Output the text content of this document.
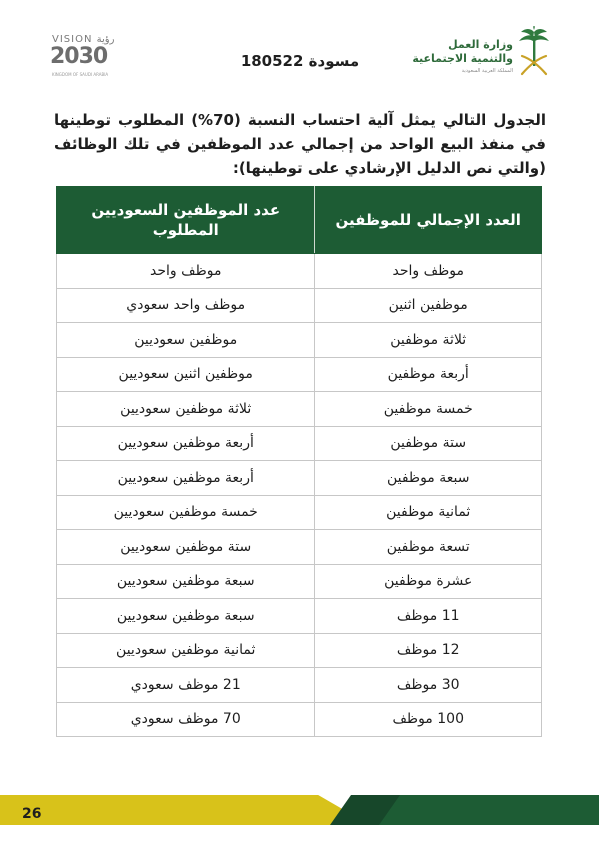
VISION رؤية
2030
KINGDOM OF SAUDI ARABIA
مسودة 180522
وزارة العمل
والتنمية الاجتماعية
المملكة العربية السعودية

الجدول التالي يمثل آلية احتساب النسبة (70%) المطلوب توطينها في منفذ البيع الواحد من إجمالي عدد الموظفين في تلك الوظائف (والتي نص الدليل الإرشادي على توطينها):

العدد الإجمالي للموظفين	عدد الموظفين السعوديين المطلوب
موظف واحد	موظف واحد
موظفين اثنين	موظف واحد سعودي
ثلاثة موظفين	موظفين سعوديين
أربعة موظفين	موظفين اثنين سعوديين
خمسة موظفين	ثلاثة موظفين سعوديين
ستة موظفين	أربعة موظفين سعوديين
سبعة موظفين	أربعة موظفين سعوديين
ثمانية موظفين	خمسة موظفين سعوديين
تسعة موظفين	ستة موظفين سعوديين
عشرة موظفين	سبعة موظفين سعوديين
11 موظف	سبعة موظفين سعوديين
12 موظف	ثمانية موظفين سعوديين
30 موظف	21 موظف سعودي
100 موظف	70 موظف سعودي
26
